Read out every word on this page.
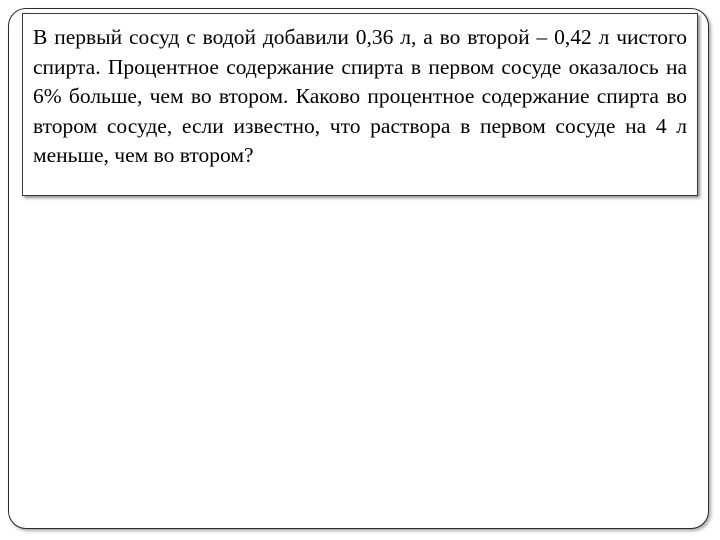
В первый сосуд с водой добавили 0,36 л, а во второй – 0,42 л чистого спирта. Процентное содержание спирта в первом сосуде оказалось на 6% больше, чем во втором. Каково процентное содержание спирта во втором сосуде, если известно, что раствора в первом сосуде на 4 л меньше, чем во втором?
